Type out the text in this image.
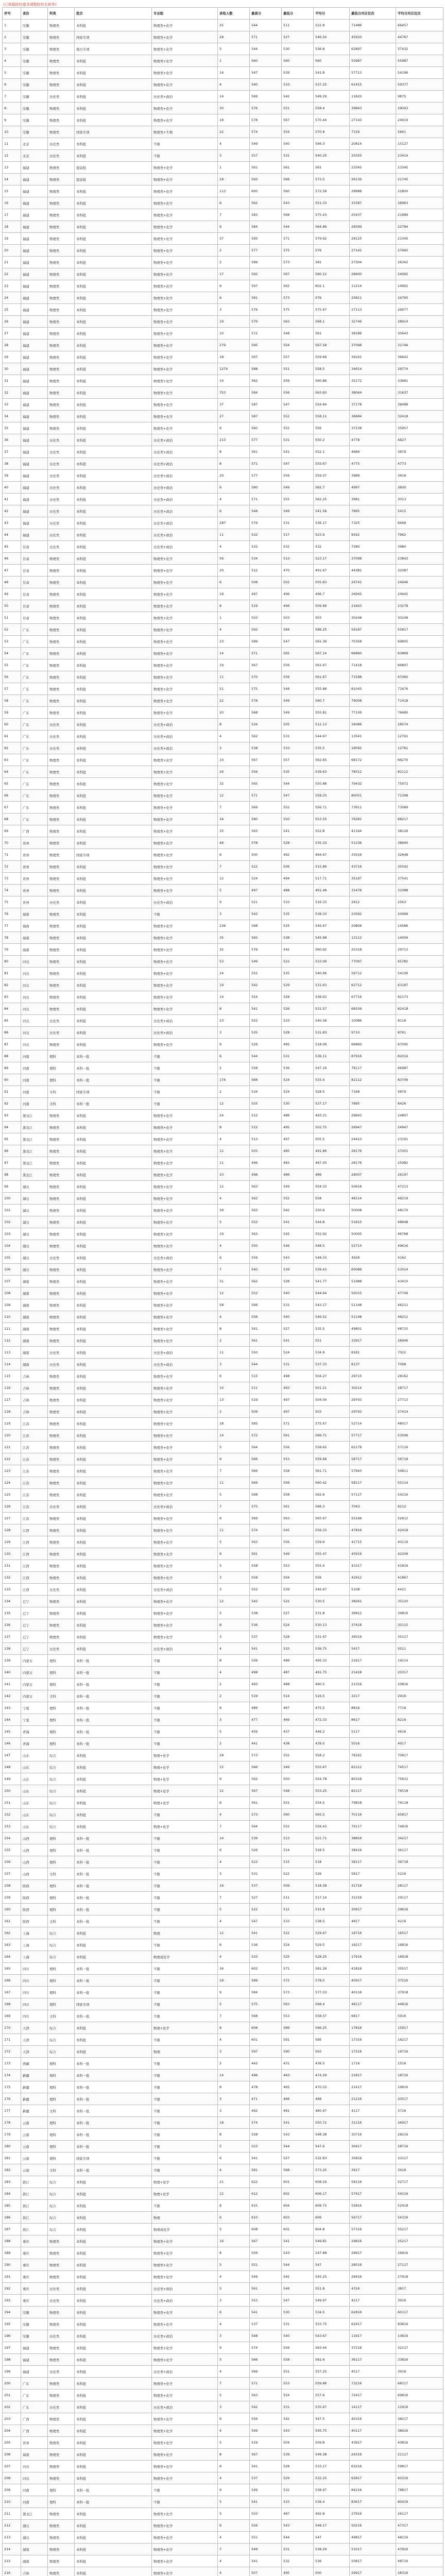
(已根据院校要求调整院校名称等)
序号	省份	科类	批次	专业组	录取人数	最高分	最低分	平均分	最低分对应位次	平均分对应位次
1	安徽	物理类	本科批	物理类+化学	25	544	511	522.8	71486	66457
2	安徽	物理类	国家专项	物理类+化学	28	571	527	546.54	45920	44767
3	安徽	物理类	地方专项	物理类+化学	5	544	530	536.8	62897	57432
4	安徽	物理类	本科批	物理类+化学	1	560	560	560	55987	55987
5	安徽	物理类	本科批	物理类+化学	14	547	539	541.8	57713	54196
6	安徽	物理类	本科批	物理类+化学	4	540	533	537.25	61415	59377
7	安徽	历史类	本科批	历史类+政治	14	569	542	549.29	11620	9875
8	安徽	物理类	本科批	物理类+化学	30	576	551	558.4	39843	29043
9	安徽	物理类	本科批	物理类+化学	18	578	567	570.44	27143	24919
10	安徽	物理类	国家专项	物理类+生物	22	574	554	570.8	7316	5841
11	北京	历史类	本科批	不限	4	549	540	546.3	20814	15127
12	北京	历史类	本科批	不限	3	557	531	540.25	25555	23414
13	福建	物理类	提前批	物理类+化学	1	561	561	561	23345	23345
14	福建	物理类	提前批	物理类+化学	18	593	566	573.5	26130	21745
15	福建	物理类	本科批	物理类+化学	113	600	560	572.58	28988	22800
16	福建	物理类	本科批	物理类+化学	6	562	543	551.33	31587	28963
17	福建	物理类	本科批	物理类+化学	7	583	568	575.43	25437	21689
18	福建	物理类	本科批	物理类+化学	9	584	544	564.86	28399	22784
19	福建	物理类	本科批	物理类+化学	37	595	571	579.92	28125	21345
20	福建	物理类	本科批	物理类+化学	2	577	575	576	27142	27660
21	福建	物理类	本科批	物理类+化学	2	589	573	581	27304	26342
22	福建	物理类	本科批	物理类+化学	17	592	567	580.12	28400	24062
23	福建	物理类	本科批	物理类+化学	6	597	562	602.1	11214	14902
24	福建	物理类	本科批	物理类+化学	6	581	573	576	25811	24765
25	福建	物理类	本科批	物理类+化学	3	576	575	575.67	27113	26977
26	福建	物理类	本科批	物理类+化学	19	579	563	568.1	32746	28914
27	福建	物理类	本科批	物理类+化学	10	572	548	561	38186	30643
28	福建	物理类	本科批	物理类+化学	279	595	554	567.58	37098	31746
29	福建	物理类	本科批	物理类+化学	18	567	557	559.66	39161	36642
30	福建	物理类	本科批	物理类+化学	1274	588	551	558.5	34614	29774
31	福建	物理类	本科批	物理类+化学	14	562	559	560.86	35172	33681
32	福建	物理类	本科批	物理类+化学	753	584	556	563.83	38064	31637
33	福建	物理类	本科批	物理类+化学	37	587	547	554.84	37178	38488
34	福建	物理类	本科批	物理类+化学	27	587	552	558.11	36684	32418
35	福建	物理类	本科批	物理类+化学	6	560	552	556	37238	35957
36	福建	历史类	本科批	历史类+政治	213	577	531	550.2	4778	4627
37	福建	历史类	本科批	历史类+政治	8	561	541	552.1	4689	3879
38	福建	历史类	本科批	历史类+政治	8	571	547	555.67	4775	4773
39	福建	历史类	本科批	历史类+政治	20	577	556	559.37	3989	3616
40	福建	历史类	本科批	历史类+政治	6	580	549	562.7	4997	3600
41	福建	历史类	本科批	历史类+政治	4	571	555	562.25	3981	3013
42	福建	历史类	本科批	历史类+政治	6	548	549	541.58	7895	5415
43	福建	历史类	本科批	历史类+政治	287	579	531	536.17	7325	6468
44	福建	历史类	本科批	历史类+政治	11	532	517	523.9	9542	7962
45	甘肃	历史类	本科批	历史类+政治	4	532	532	532	7280	3980
46	甘肃	物理类	本科批	物理类+化学	56	534	513	523.17	37098	23843
47	甘肃	物理类	本科批	物理类+化学	20	512	470	491.67	44381	32087
48	甘肃	物理类	本科批	物理类+化学	6	508	502	505.83	26741	24946
49	甘肃	物理类	本科批	物理类+化学	18	497	496	496.7	26945	24945
50	甘肃	物理类	本科批	物理类+化学	8	519	496	509.89	21643	23278
51	甘肃	物理类	本科批	物理类+化学	1	503	503	503	30248	30248
52	广东	物理类	本科批	物理类+化学	4	592	584	586.25	59187	55817
53	广东	物理类	本科批	物理类+化学	23	589	547	561.36	75358	69805
54	广东	物理类	本科批	物理类+化学	14	571	565	567.14	66860	63869
55	广东	物理类	本科批	物理类+化学	19	567	556	561.67	71418	66807
56	广东	物理类	本科批	物理类+化学	11	570	556	561.67	71588	67060
57	广东	物理类	本科批	物理类+化学	51	575	548	555.88	81045	71676
58	广东	物理类	本科批	物理类+化学	22	578	549	560.7	79008	71418
59	广东	物理类	本科批	物理类+化学	20	568	549	555.81	77109	76680
60	广东	历史类	本科批	历史类+政治	8	534	505	512.13	34086	28574
61	广东	历史类	本科批	历史类+政治	4	562	531	544.67	13541	12761
62	广东	历史类	本科批	历史类+政治	2	538	533	535.5	18092	12761
63	广东	物理类	本科批	物理类+化学	10	567	557	562.65	68172	66270
64	广东	物理类	本科批	物理类+化学	26	556	535	539.63	78512	82112
65	广东	物理类	本科批	物理类+化学	32	565	544	550.88	79432	75972
66	广东	物理类	本科批	物理类+化学	12	571	547	559.33	80051	71398
67	广东	物理类	本科批	物理类+化学	7	569	552	556.71	73911	73089
68	广东	物理类	本科批	物理类+化学	34	580	550	553.55	76281	68217
69	广西	物理类	本科批	物理类+化学	15	563	541	552.8	41164	38126
70	贵州	物理类	本科批	物理类+化学	46	578	528	535.33	51236	38940
71	贵州	物理类	国家专项	物理类+化学	6	500	492	494.67	33516	32648
72	贵州	物理类	本科批	物理类+化学	7	522	506	515.86	43716	35542
73	贵州	物理类	本科批	物理类+化学	12	524	494	517.71	35187	37541
74	贵州	物理类	本科批	物理类+化学	5	497	488	491.48	31476	31088
75	贵州	历史类	本科批	历史类+政治	9	521	510	516.33	2812	2563
76	海南	物理类	本科批	不限	3	542	535	538.33	23562	20999
77	海南	物理类	本科批	物理类+化学	236	568	525	545.67	20808	14586
78	海南	物理类	本科批	物理类+化学	35	565	538	545.98	13112	14006
79	海南	物理类	本科批	物理类+化学	32	576	542	560.92	25318	29713
80	河北	物理类	本科批	物理类+化学	53	549	522	533.06	77097	65782
81	河北	物理类	本科批	物理类+化学	24	552	535	540.96	56712	54106
82	河北	物理类	本科批	物理类+化学	19	542	529	531.63	62712	63187
83	河北	物理类	本科批	物理类+化学	14	554	528	536.93	67716	62173
84	河北	物理类	本科批	物理类+化学	8	541	526	531.57	68109	62418
85	河北	历史类	本科批	历史类+政治	23	552	533	540.36	10086	8116
86	河北	历史类	本科批	历史类+政治	3	535	528	531.83	9710	8761
87	河北	物理类	本科批	物理类+化学	9	526	495	518.09	66860	67095
88	河南	理科	本科一批	不限	6	544	531	536.11	87916	82016
89	河南	理科	本科一批	不限	2	558	536	547.19	78117	66987
90	河南	理科	本科一批	不限	174	568	524	533.4	82112	83706
91	河南	文科	国家专项	不限	2	534	524	528.5	7168	5879
92	河南	文科	本科一批	不限	12	555	530	537.17	7895	6426
93	黑龙江	物理类	本科批	物理类+化学	24	512	486	493.21	29643	24807
94	黑龙江	物理类	本科批	物理类+化学	8	512	495	502.75	26947	24947
95	黑龙江	物理类	本科批	物理类+化学	4	513	497	505.5	24413	23191
96	黑龙江	物理类	本科批	物理类+化学	12	505	485	491.86	28176	27001
97	黑龙江	物理类	本科批	物理类+化学	11	496	483	487.05	28176	25982
98	黑龙江	物理类	本科批	物理类+化学	10	498	486	489	28007	26197
99	湖北	物理类	本科批	物理类+化学	12	563	549	554.33	50618	47213
100	湖北	物理类	本科批	物理类+化学	4	562	552	558	48114	46219
101	湖北	物理类	本科批	物理类+化学	39	563	542	550.6	50008	48170
102	湖北	物理类	本科批	物理类+化学	5	552	541	544.8	51615	48648
103	湖北	物理类	本科批	物理类+化学	19	563	545	552.92	50005	46768
104	湖北	物理类	本科批	物理类+化学	4	550	546	548.5	52714	49616
105	湖北	历史类	本科批	历史类+政治	6	559	543	548.33	4928	4162
106	湖北	物理类	本科批	物理类+化学	7	540	539	539.43	60086	53014
107	湖南	物理类	本科批	物理类+化学	31	562	528	541.77	51988	43410
108	湖南	物理类	本科批	物理类+化学	12	552	540	544.64	50015	47706
109	湖南	物理类	本科批	物理类+化学	58	566	531	543.27	51148	46211
110	湖南	物理类	本科批	物理类+化学	4	556	540	546.52	51148	46211
111	湖南	物理类	本科批	物理类+化学	8	541	527	535.5	49801	48715
112	湖南	物理类	本科批	物理类+化学	2	561	541	551	33917	28946
113	湖南	历史类	本科批	历史类+政治	11	550	524	534.9	8181	7022
114	湖南	历史类	本科批	历史类+政治	3	544	531	537.33	8137	7068
115	吉林	物理类	本科批	物理类+化学	6	515	498	504.27	29715	28162
116	吉林	物理类	本科批	物理类+化学	10	511	493	501.21	30214	28717
117	吉林	物理类	本科批	物理类+化学	13	519	497	504.04	29743	27713
118	吉林	物理类	本科批	物理类+化学	2	509	497	503	29742	27414
119	江苏	物理类	本科批	物理类+化学	18	585	571	575.67	52714	48017
120	江苏	物理类	本科批	物理类+化学	14	572	561	566.71	57717	53006
121	江苏	物理类	本科批	物理类+化学	5	564	556	558.65	62178	57116
122	江苏	物理类	本科批	物理类+化学	9	566	553	559.66	58717	56718
123	江苏	物理类	本科批	物理类+化学	7	566	558	561.71	57943	54811
124	江苏	物理类	本科批	物理类+化学	11	569	556	560.42	58117	55114
125	江苏	物理类	本科批	物理类+化学	5	568	558	562.6	57117	54216
126	江苏	历史类	本科批	历史类+政治	7	575	561	566.3	7043	6212
127	江苏	物理类	本科批	物理类+化学	6	569	563	565.67	55166	52612
128	江西	物理类	本科批	物理类+化学	11	574	545	556.33	47816	42418
129	江西	物理类	本科批	物理类+化学	5	563	556	559.6	41715	40119
130	江西	物理类	本科批	物理类+化学	9	561	549	555.47	45919	42206
131	江西	物理类	本科批	物理类+化学	5	558	553	555.4	43317	41816
132	江西	物理类	本科批	物理类+化学	3	558	554	556	42912	41867
133	江西	历史类	本科批	历史类+政治	3	552	539	545.67	5108	4421
134	辽宁	物理类	本科批	物理类+化学	12	542	522	530.5	38261	35120
135	辽宁	物理类	本科批	物理类+化学	5	538	527	531.8	36812	34816
136	辽宁	物理类	本科批	物理类+化学	8	536	524	530.13	37418	35115
137	辽宁	物理类	本科批	物理类+化学	3	537	528	531.67	36519	35117
138	辽宁	历史类	本科批	历史类+政治	4	541	533	536.75	5417	5011
139	内蒙古	理科	本科一批	不限	8	509	486	495.33	21617	19214
140	内蒙古	理科	本科一批	不限	4	498	487	491.75	21418	20317
141	内蒙古	理科	本科一批	不限	2	493	488	490.5	21316	20816
142	内蒙古	文科	本科一批	不限	2	519	514	516.5	3217	2916
143	宁夏	理科	本科一批	不限	6	489	467	475.5	8816	7716
144	宁夏	理科	本科一批	不限	3	477	469	472.33	8617	8216
145	青海	理科	本科一批	不限	5	459	437	446.2	5117	4616
146	青海	理科	本科一批	不限	2	441	438	439.5	5016	4917
147	山东	综合	本科批	物理+化学	28	573	552	558.2	78161	70817
148	山东	综合	本科批	物理+化学	15	566	549	555.67	81212	74517
149	山东	综合	本科批	物理+化学	9	562	550	554.78	80316	75812
150	山东	综合	本科批	物理+化学	12	567	548	553.25	82117	76518
151	山东	综合	本科批	物理+化学	6	561	551	554.5	79818	76118
152	山东	综合	本科批	不限	4	573	560	565.5	70116	65817
153	山东	综合	本科批	物理+化学	7	564	552	556.43	79117	74816
154	山西	理科	本科一批	不限	14	539	513	521.71	38816	34217
155	山西	理科	本科一批	不限	6	526	514	518.5	38416	36117
156	山西	理科	本科一批	不限	4	522	515	518	38117	36718
157	山西	文科	本科一批	不限	3	531	522	526	5817	5216
158	陕西	理科	本科一批	不限	16	537	509	518.38	31718	28117
159	陕西	理科	本科一批	不限	7	527	511	517.14	31216	29117
160	陕西	理科	本科一批	不限	5	522	512	515.8	30917	29616
161	陕西	文科	本科一批	不限	4	547	533	538.5	4817	4216
162	上海	综合	本科批	物理	12	541	522	529.67	18716	16517
163	上海	综合	本科批	不限	6	536	524	529.5	18217	16816
164	上海	综合	本科批	物理或化学	4	533	525	528.25	17916	16918
165	四川	理科	本科一批	不限	34	602	571	581.26	41816	35517
166	四川	理科	本科一批	不限	18	589	572	578.5	40917	37216
167	四川	理科	本科一批	不限	9	584	573	577.33	40116	37918
168	四川	理科	国家专项	不限	5	575	563	568.4	48117	44816
169	四川	文科	本科一批	不限	7	568	553	558.57	6817	5916
170	天津	综合	本科批	物理+化学	8	608	589	596.25	17816	15917
171	天津	综合	本科批	不限	4	601	591	595	17316	16217
172	天津	综合	本科批	物理	3	597	590	593	17516	16716
173	西藏	理科	本科一批	不限	2	442	431	436.5	1716	1516
174	新疆	理科	本科一批	不限	14	496	463	474.29	21817	18716
175	新疆	理科	本科一批	不限	6	478	465	470.33	21417	19816
176	新疆	理科	本科一批	不限	3	471	466	468	21216	20517
177	新疆	文科	本科一批	不限	3	492	481	485.67	4117	3716
178	云南	理科	本科一批	不限	18	574	541	550.72	31216	26917
179	云南	理科	本科一批	不限	8	558	543	548.38	30716	28216
180	云南	理科	本科一批	不限	5	553	544	547.6	30417	28716
181	云南	理科	国家专项	不限	6	541	527	532.83	35816	33117
182	云南	文科	本科一批	不限	4	581	568	573.25	3917	3416
183	浙江	综合	本科批	物理+化学	21	622	601	608.29	58116	52717
184	浙江	综合	本科批	物理+化学	12	612	602	606.17	57417	54216
185	浙江	综合	本科批	不限	8	615	604	608.75	55816	52918
186	浙江	综合	本科批	物理	6	610	603	606	56717	54316
187	浙江	综合	本科批	物理或化学	5	608	602	604.8	57316	55217
188	重庆	物理类	本科批	物理类+化学	16	567	541	549.81	29816	25217
189	重庆	物理类	本科批	物理类+化学	8	556	543	547.88	28917	26816
190	重庆	物理类	本科批	物理类+化学	5	551	544	547	28516	27117
191	重庆	物理类	本科批	物理类+化学	4	549	542	545.25	29416	27918
192	重庆	历史类	本科批	历史类+政治	5	561	546	551.8	4316	3817
193	重庆	历史类	本科批	历史类+政治	3	553	547	549.67	4217	3916
194	安徽	物理类	本科批	物理类+化学	6	541	530	534.5	62816	60117
195	安徽	物理类	本科批	物理类+化学	4	537	531	533.75	62417	60816
196	安徽	历史类	本科批	历史类+政治	3	548	540	543.67	11917	10816
197	福建	物理类	本科批	物理类+化学	9	574	556	563.44	37216	32117
198	福建	物理类	本科批	物理类+化学	5	566	558	561.6	36117	33816
199	福建	历史类	本科批	历史类+政治	4	566	551	557.25	4517	3916
200	广东	物理类	本科批	物理类+化学	7	571	553	559.86	73216	68117
201	广东	物理类	本科批	物理类+化学	5	563	554	557.6	72417	69816
202	广东	历史类	本科批	历史类+政治	3	542	531	535.67	14117	12916
203	广西	物理类	本科批	物理类+化学	6	556	542	547.5	40316	38217
204	广西	物理类	本科批	物理类+化学	4	549	543	545.75	40117	38916
205	贵州	物理类	本科批	物理类+化学	5	519	504	509.8	43917	40816
206	海南	物理类	本科批	物理类+化学	8	567	539	549.38	24316	21117
207	河北	物理类	本科批	物理类+化学	6	541	528	533.17	63216	59817
208	河北	物理类	本科批	物理类+化学	4	537	529	532.25	62817	60316
209	河南	理科	本科一批	不限	9	549	532	538.67	84216	78817
210	河南	理科	本科一批	不限	5	541	533	536.4	83617	80416
211	黑龙江	物理类	本科批	物理类+化学	5	503	487	492.8	27916	26117
212	湖北	物理类	本科批	物理类+化学	6	556	543	548.17	50216	47317
213	湖北	物理类	本科批	物理类+化学	4	551	544	547	49817	48216
214	湖南	物理类	本科批	物理类+化学	7	549	531	538.29	51017	47916
215	湖南	物理类	本科批	物理类+化学	4	541	532	536	50817	48716
216	吉林	物理类	本科批	物理类+化学	4	507	495	500	29917	28316
